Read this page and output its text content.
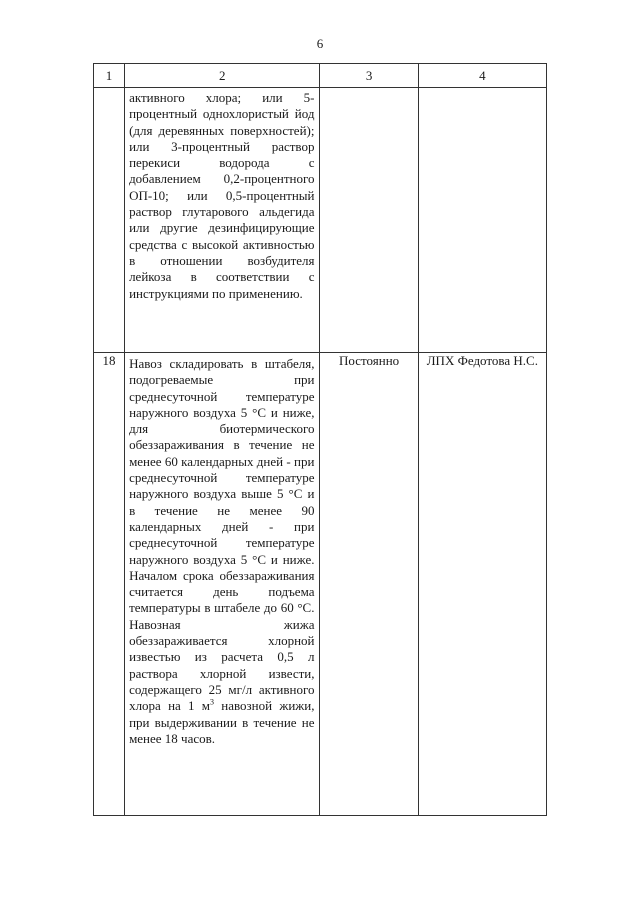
6
1	2	3	4

	активного хлора; или 5-процентный однохлористый йод (для деревянных поверхностей); или 3-процентный раствор перекиси водорода с добавлением 0,2-процентного ОП-10; или 0,5-процентный раствор глутарового альдегида или другие дезинфицирующие средства с высокой активностью в отношении возбудителя лейкоза в соответствии с инструкциями по применению.		

18	Навоз складировать в штабеля, подогреваемые при среднесуточной температуре наружного воздуха 5 °С и ниже, для биотермического обеззараживания в течение не менее 60 календарных дней - при среднесуточной температуре наружного воздуха выше 5 °С и в течение не менее 90 календарных дней - при среднесуточной температуре наружного воздуха 5 °С и ниже. Началом срока обеззараживания считается день подъема температуры в штабеле до 60 °С. Навозная жижа обеззараживается хлорной известью из расчета 0,5 л раствора хлорной извести, содержащего 25 мг/л активного хлора на 1 $м^3$ навозной жижи, при выдерживании в течение не менее 18 часов.	Постоянно	ЛПХ Федотова Н.С.
